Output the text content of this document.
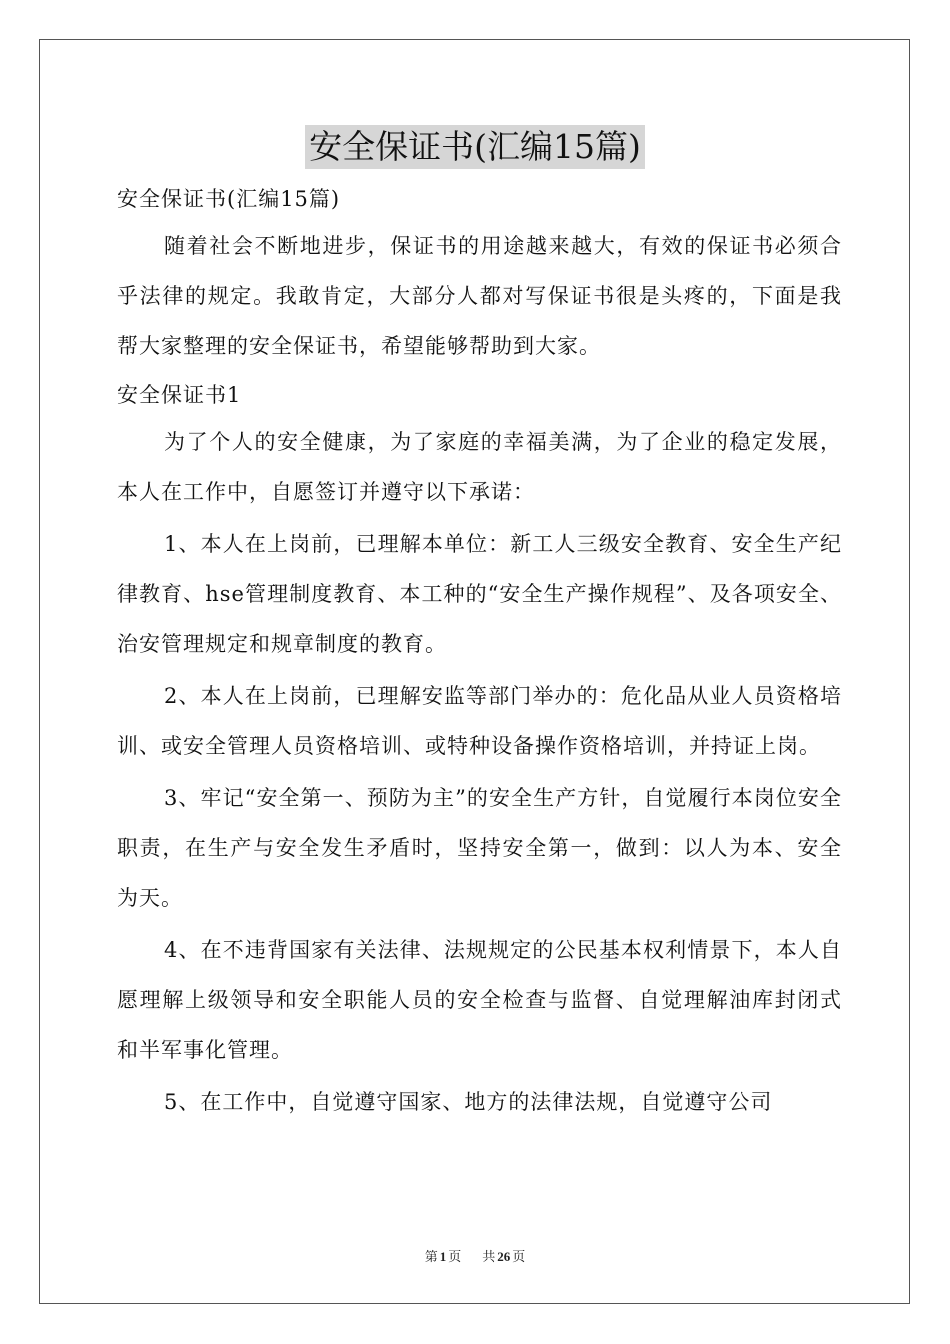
安全保证书(汇编15篇)
安全保证书(汇编15篇)

随着社会不断地进步，保证书的用途越来越大，有效的保证书必须合乎法律的规定。我敢肯定，大部分人都对写保证书很是头疼的，下面是我帮大家整理的安全保证书，希望能够帮助到大家。

安全保证书1

为了个人的安全健康，为了家庭的幸福美满，为了企业的稳定发展，本人在工作中，自愿签订并遵守以下承诺：

1、本人在上岗前，已理解本单位：新工人三级安全教育、安全生产纪律教育、hse管理制度教育、本工种的“安全生产操作规程”、及各项安全、治安管理规定和规章制度的教育。

2、本人在上岗前，已理解安监等部门举办的：危化品从业人员资格培训、或安全管理人员资格培训、或特种设备操作资格培训，并持证上岗。

3、牢记“安全第一、预防为主”的安全生产方针，自觉履行本岗位安全职责，在生产与安全发生矛盾时，坚持安全第一，做到：以人为本、安全为天。

4、在不违背国家有关法律、法规规定的公民基本权利情景下，本人自愿理解上级领导和安全职能人员的安全检查与监督、自觉理解油库封闭式和半军事化管理。

5、在工作中，自觉遵守国家、地方的法律法规，自觉遵守公司

第 1 页 共 26 页
